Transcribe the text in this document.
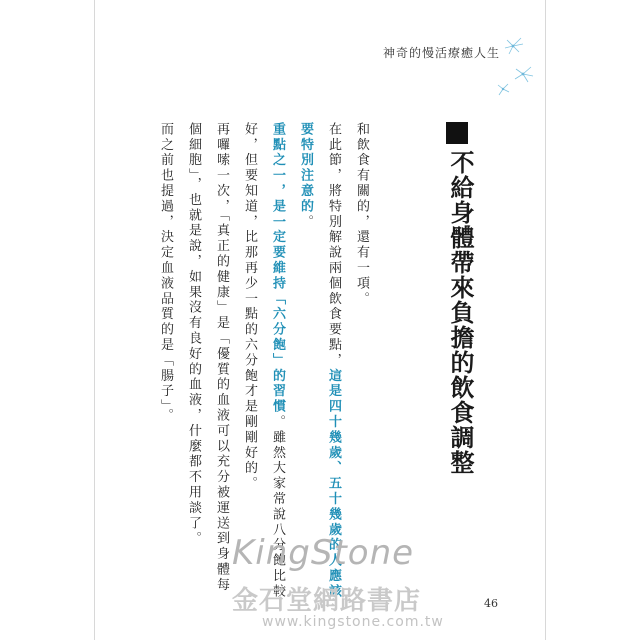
神奇的慢活療癒人生
不給身體帶來負擔的飲食調整
和飲食有關的，還有一項。
在此節，將特別解說兩個飲食要點，這是四十幾歲、五十幾歲的人應該
要特別注意的。
重點之一，是一定要維持「六分飽」的習慣。雖然大家常說八分飽比較
好，但要知道，比那再少一點的六分飽才是剛剛好的。
再囉嗦一次，「真正的健康」是「優質的血液可以充分被運送到身體每
個細胞」，也就是說，如果沒有良好的血液，什麼都不用談了。
而之前也提過，決定血液品質的是「腸子」。
46
KingStone
金石堂網路書店
www.kingstone.com.tw
